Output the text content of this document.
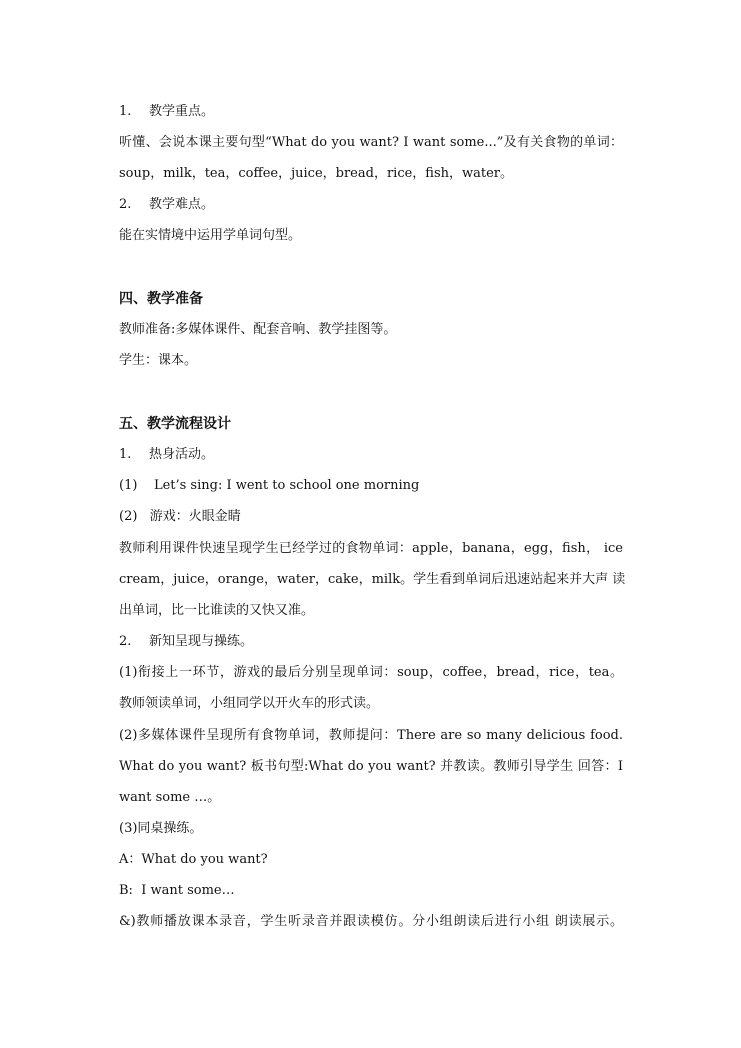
1. 教学重点。
听懂、会说本课主要句型“What do you want? I want some...”及有关食物的单词：
soup，milk，tea，coffee，juice，bread，rice，fish，water。
2. 教学难点。
能在实情境中运用学单词句型。
四、教学准备
教师准备:多媒体课件、配套音响、教学挂图等。
学生：课本。
五、教学流程设计
1. 热身活动。
(1)    Let’s sing: I went to school one morning
(2)   游戏：火眼金睛
教师利用课件快速呈现学生已经学过的食物单词：apple，banana，egg，fish， ice
cream，juice，orange，water，cake，milk。学生看到单词后迅速站起来并大声 读
出单词，比一比谁读的又快又准。
2. 新知呈现与操练。
(1)衔接上一环节，游戏的最后分别呈现单词：soup，coffee，bread，rice，tea。
教师领读单词，小组同学以开火车的形式读。
(2)多媒体课件呈现所有食物单词，教师提问：There are so many delicious food.
What do you want? 板书句型:What do you want? 并教读。教师引导学生 回答：I
want some …。
(3)同桌操练。
A：What do you want?
B:  I want some…
&)教师播放课本录音，学生听录音并跟读模仿。分小组朗读后进行小组 朗读展示。
